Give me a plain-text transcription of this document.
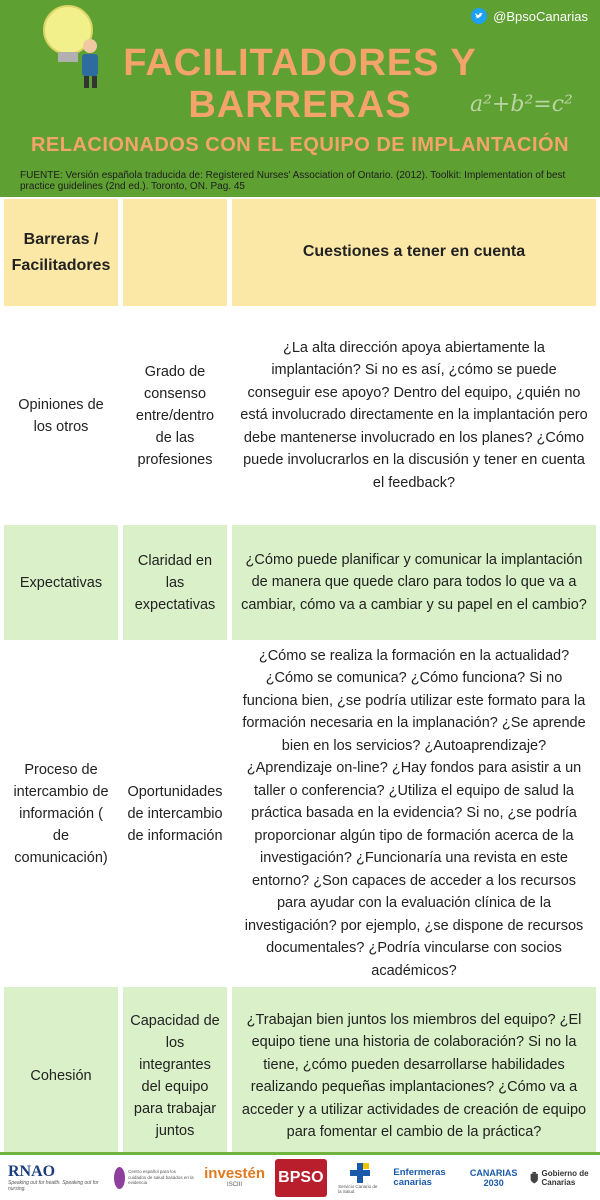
a²+b²=c²
@BpsoCanarias
FACILITADORES Y
BARRERAS
RELACIONADOS CON EL EQUIPO DE IMPLANTACIÓN
FUENTE: Versión española traducida de: Registered Nurses' Association of Ontario. (2012). Toolkit: Implementation of best practice guidelines (2nd ed.). Toronto, ON. Pag. 45
Barreras / Facilitadores
Cuestiones a tener en cuenta
Opiniones de los otros
Grado de consenso entre/dentro de las profesiones
¿La alta dirección apoya abiertamente la implantación? Si no es así, ¿cómo se puede conseguir ese apoyo? Dentro del equipo, ¿quién no está involucrado directamente en la implantación pero debe mantenerse involucrado en los planes? ¿Cómo puede involucrarlos en la discusión y tener en cuenta el feedback?
Expectativas
Claridad en las expectativas
¿Cómo puede planificar y comunicar la implantación de manera que quede claro para todos lo que va a cambiar, cómo va a cambiar y su papel en el cambio?
Proceso de intercambio de información ( de comunicación)
Oportunidades de intercambio de información
¿Cómo se realiza la formación en la actualidad? ¿Cómo se comunica? ¿Cómo funciona? Si no funciona bien, ¿se podría utilizar este formato para la formación necesaria en la implanación? ¿Se aprende bien en los servicios? ¿Autoaprendizaje? ¿Aprendizaje on-line? ¿Hay fondos para asistir a un taller o conferencia? ¿Utiliza el equipo de salud la práctica basada en la evidencia? Si no, ¿se podría proporcionar algún tipo de formación acerca de la investigación? ¿Funcionaría una revista en este entorno? ¿Son capaces de acceder a los recursos para ayudar con la evaluación clínica de la investigación? por ejemplo, ¿se dispone de recursos documentales? ¿Podría vincularse con socios académicos?
Cohesión
Capacidad de los integrantes del equipo para trabajar juntos
¿Trabajan bien juntos los miembros del equipo? ¿El equipo tiene una historia de colaboración? Si no la tiene, ¿cómo pueden desarrollarse habilidades realizando pequeñas implantaciones? ¿Cómo va a acceder y a utilizar actividades de creación de equipo para fomentar el cambio de la práctica?
RNAO
Speaking out for health. Speaking out for nursing.
Centro español para los cuidados de salud basados en la evidencia
investén
ISCIII BPSO
Servicio Canario de la Salud
Enfermeras canarias
CANARIAS 2030
Gobierno de Canarias
